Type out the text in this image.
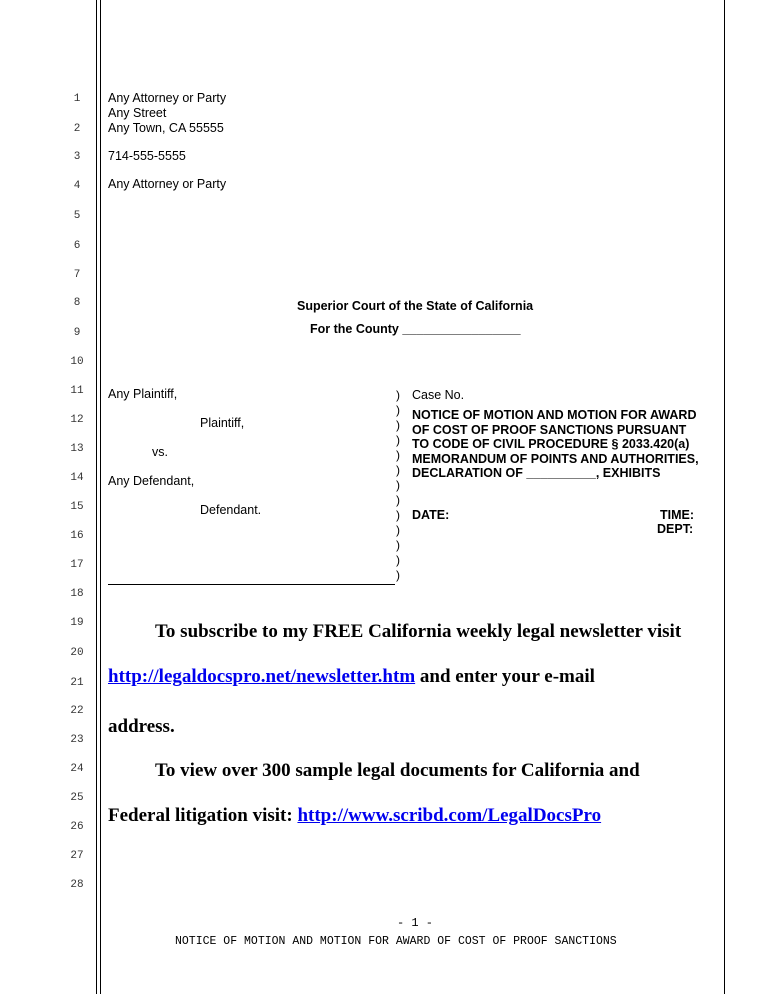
1
2
3
4
5
6
7
8
9
10
11
12
13
14
15
16
17
18
19
20
21
22
23
24
25
26
27
28
Any Attorney or Party
Any Street
Any Town, CA 55555
714-555-5555
Any Attorney or Party
Superior Court of the State of California
For the County _________________
Any Plaintiff,
Plaintiff,
vs.
Any Defendant,
Defendant.
)
)
)
)
)
)
)
)
)
)
)
)
)
Case No.
NOTICE OF MOTION AND MOTION FOR AWARD OF COST OF PROOF SANCTIONS PURSUANT TO CODE OF CIVIL PROCEDURE § 2033.420(a) MEMORANDUM OF POINTS AND AUTHORITIES, DECLARATION OF __________, EXHIBITS
DATE:	TIME:
DEPT:
To subscribe to my FREE California weekly legal newsletter visit
http://legaldocspro.net/newsletter.htm and enter your e-mail
address.
To view over 300 sample legal documents for California and
Federal litigation visit: http://www.scribd.com/LegalDocsPro
- 1 -
NOTICE OF MOTION AND MOTION FOR AWARD OF COST OF PROOF SANCTIONS
